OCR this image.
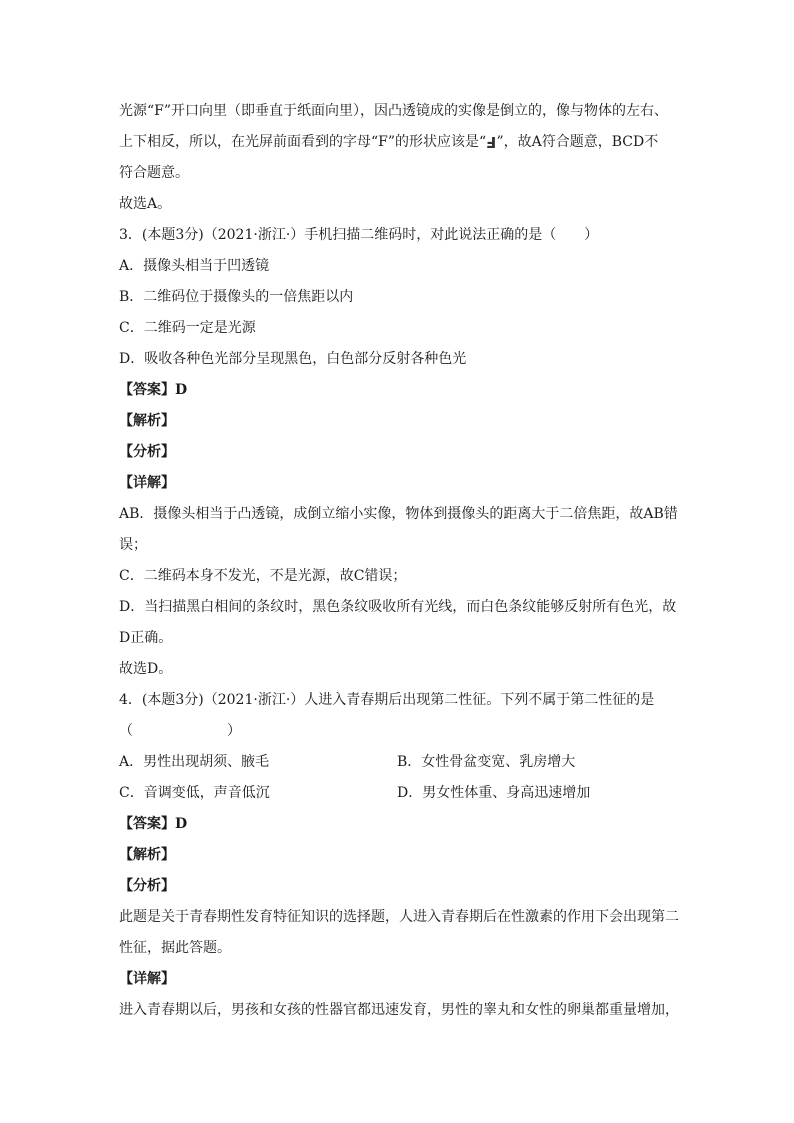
光源“F”开口向里（即垂直于纸面向里），因凸透镜成的实像是倒立的，像与物体的左右、
上下相反，所以，在光屏前面看到的字母“F”的形状应该是“F”，故A符合题意，BCD不
符合题意。
故选A。
3．(本题3分)（2021·浙江·）手机扫描二维码时，对此说法正确的是（　　）
A．摄像头相当于凹透镜
B．二维码位于摄像头的一倍焦距以内
C．二维码一定是光源
D．吸收各种色光部分呈现黑色，白色部分反射各种色光
【答案】D
【解析】
【分析】
【详解】
AB．摄像头相当于凸透镜，成倒立缩小实像，物体到摄像头的距离大于二倍焦距，故AB错
误；
C．二维码本身不发光，不是光源，故C错误；
D．当扫描黑白相间的条纹时，黑色条纹吸收所有光线，而白色条纹能够反射所有色光，故
D正确。
故选D。
4．(本题3分)（2021·浙江·）人进入青春期后出现第二性征。下列不属于第二性征的是
（	）
A．男性出现胡须、腋毛	B．女性骨盆变宽、乳房增大
C．音调变低，声音低沉	D．男女性体重、身高迅速增加
【答案】D
【解析】
【分析】
此题是关于青春期性发育特征知识的选择题，人进入青春期后在性激素的作用下会出现第二
性征，据此答题。
【详解】
进入青春期以后，男孩和女孩的性器官都迅速发育，男性的睾丸和女性的卵巢都重量增加，
